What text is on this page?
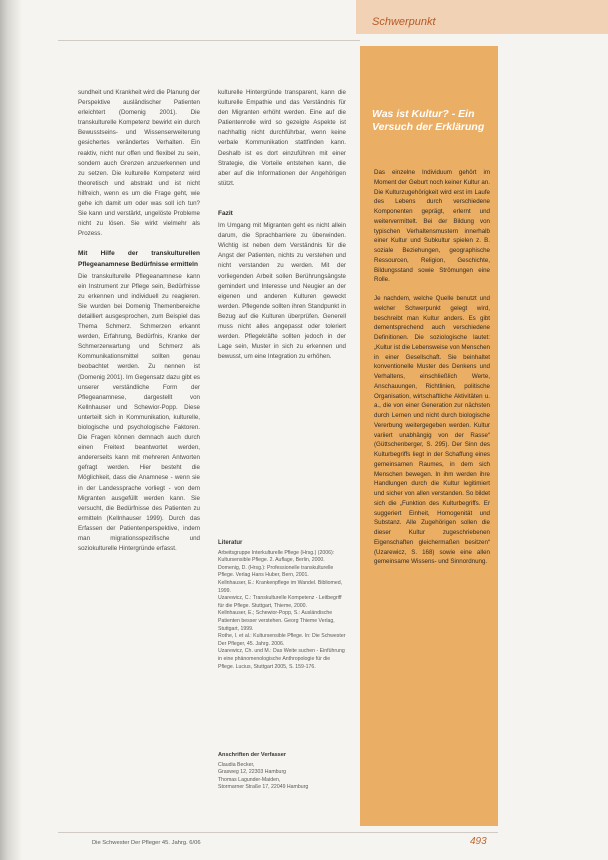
Schwerpunkt

sundheit und Krankheit wird die Planung der Perspektive ausländischer Patienten erleichtert (Domenig 2001). Die transkulturelle Kompetenz bewirkt ein durch Bewusstseins- und Wissenserweiterung gesichertes verändertes Verhalten. Ein reaktiv, nicht nur offen und flexibel zu sein, sondern auch Grenzen anzuerkennen und zu setzen. Die kulturelle Kompetenz wird theoretisch und abstrakt und ist nicht hilfreich, wenn es um die Frage geht, wie gehe ich damit um oder was soll ich tun? Sie kann und verstärkt, ungelöste Probleme nicht zu lösen. Sie wirkt vielmehr als Prozess.

Mit Hilfe der transkulturellen Pflegeanamnese Bedürfnisse ermitteln

Die transkulturelle Pflegeanamnese kann ein Instrument zur Pflege sein, Bedürfnisse zu erkennen und individuell zu reagieren. Sie wurden bei Domenig Themenbereiche detailliert ausgesprochen, zum Beispiel das Thema Schmerz. Schmerzen erkannt werden, Erfahrung, Bedürfnis, Kranke der Schmerzerwartung und Schmerz als Kommunikationsmittel sollten genau beobachtet werden. Zu nennen ist (Domenig 2001). Im Gegensatz dazu gibt es unserer verständliche Form der Pflegeanamnese, dargestellt von Kellnhauser und Schewior-Popp. Diese unterteilt sich in Kommunikation, kulturelle, biologische und psychologische Faktoren. Die Fragen können demnach auch durch einen Freitext beantwortet werden, andererseits kann mit mehreren Antworten gefragt werden. Hier besteht die Möglichkeit, dass die Anamnese - wenn sie in der Landessprache vorliegt - von dem Migranten ausgefüllt werden kann. Sie versucht, die Bedürfnisse des Patienten zu ermitteln (Kellnhauser 1999). Durch das Erfassen der Patientenperspektive, indem man migrationsspezifische und soziokulturelle Hintergründe erfasst.

kulturelle Hintergründe transparent, kann die kulturelle Empathie und das Verständnis für den Migranten erhöht werden. Eine auf die Patientenrolle wird so gezeigte Aspekte ist nachhaltig nicht durchführbar, wenn keine verbale Kommunikation stattfinden kann. Deshalb ist es dort einzuführen mit einer Strategie, die Vorteile entstehen kann, die aber auf die Informationen der Angehörigen stützt.

Fazit

Im Umgang mit Migranten geht es nicht allein darum, die Sprachbarriere zu überwinden. Wichtig ist neben dem Verständnis für die Angst der Patienten, nichts zu verstehen und nicht verstanden zu werden. Mit der vorliegenden Arbeit sollen Berührungsängste gemindert und Interesse und Neugier an der eigenen und anderen Kulturen geweckt werden. Pflegende sollten ihren Standpunkt in Bezug auf die Kulturen überprüfen. Generell muss nicht alles angepasst oder toleriert werden. Pflegekräfte sollten jedoch in der Lage sein, Muster in sich zu erkennen und bewusst, um eine Integration zu erhöhen.

Literatur

Arbeitsgruppe Interkulturelle Pflege (Hrsg.) (2006): Kultursensible Pflege. 2. Auflage, Berlin, 2000.

Domenig, D. (Hrsg.): Professionelle transkulturelle Pflege. Verlag Hans Huber, Bern, 2001.

Kellnhauser, E.: Krankenpflege im Wandel. Bibliomed, 1999.

Uzarewicz, C.: Transkulturelle Kompetenz - Leitbegriff für die Pflege. Stuttgart, Thieme, 2000.

Kellnhauser, E.; Schewior-Popp, S.: Ausländische Patienten besser verstehen. Georg Thieme Verlag, Stuttgart, 1999.

Rothe, I. et al.: Kultursensible Pflege. In: Die Schwester Der Pfleger, 45. Jahrg. 2006.

Uzarewicz, Ch. und M.: Das Weite suchen - Einführung in eine phänomenologische Anthropologie für die Pflege. Lucius, Stuttgart 2005, S. 159-176.

Anschriften der Verfasser

Claudia Becker,

Grasweg 12, 22303 Hamburg

Thomas Lagunder-Maiden,

Stormarner Straße 17, 22049 Hamburg

Was ist Kultur? - Ein Versuch der Erklärung

Das einzelne Individuum gehört im Moment der Geburt noch keiner Kultur an. Die Kulturzugehörigkeit wird erst im Laufe des Lebens durch verschiedene Komponenten geprägt, erlernt und weitervermittelt. Bei der Bildung von typischen Verhaltensmustern innerhalb einer Kultur und Subkultur spielen z. B. soziale Beziehungen, geographische Ressourcen, Religion, Geschichte, Bildungsstand sowie Strömungen eine Rolle.

Je nachdem, welche Quelle benutzt und welcher Schwerpunkt gelegt wird, beschreibt man Kultur anders. Es gibt dementsprechend auch verschiedene Definitionen. Die soziologische lautet: „Kultur ist die Lebensweise von Menschen in einer Gesellschaft. Sie beinhaltet konventionelle Muster des Denkens und Verhaltens, einschließlich Werte, Anschauungen, Richtlinien, politische Organisation, wirtschaftliche Aktivitäten u. a., die von einer Generation zur nächsten durch Lernen und nicht durch biologische Vererbung weitergegeben werden. Kultur variiert unabhängig von der Rasse“ (Güttschenberger, S. 295). Der Sinn des Kulturbegriffs liegt in der Schaffung eines gemeinsamen Raumes, in dem sich Menschen bewegen. In ihm werden ihre Handlungen durch die Kultur legitimiert und sicher von allen verstanden. So bildet sich die „Funktion des Kulturbegriffs. Er suggeriert Einheit, Homogenität und Substanz. Alle Zugehörigen sollen die dieser Kultur zugeschriebenen Eigenschaften gleichermaßen besitzen“ (Uzarewicz, S. 168) sowie eine allen gemeinsame Wissens- und Sinnordnung.

Die Schwester Der Pfleger 45. Jahrg. 6/06	493
